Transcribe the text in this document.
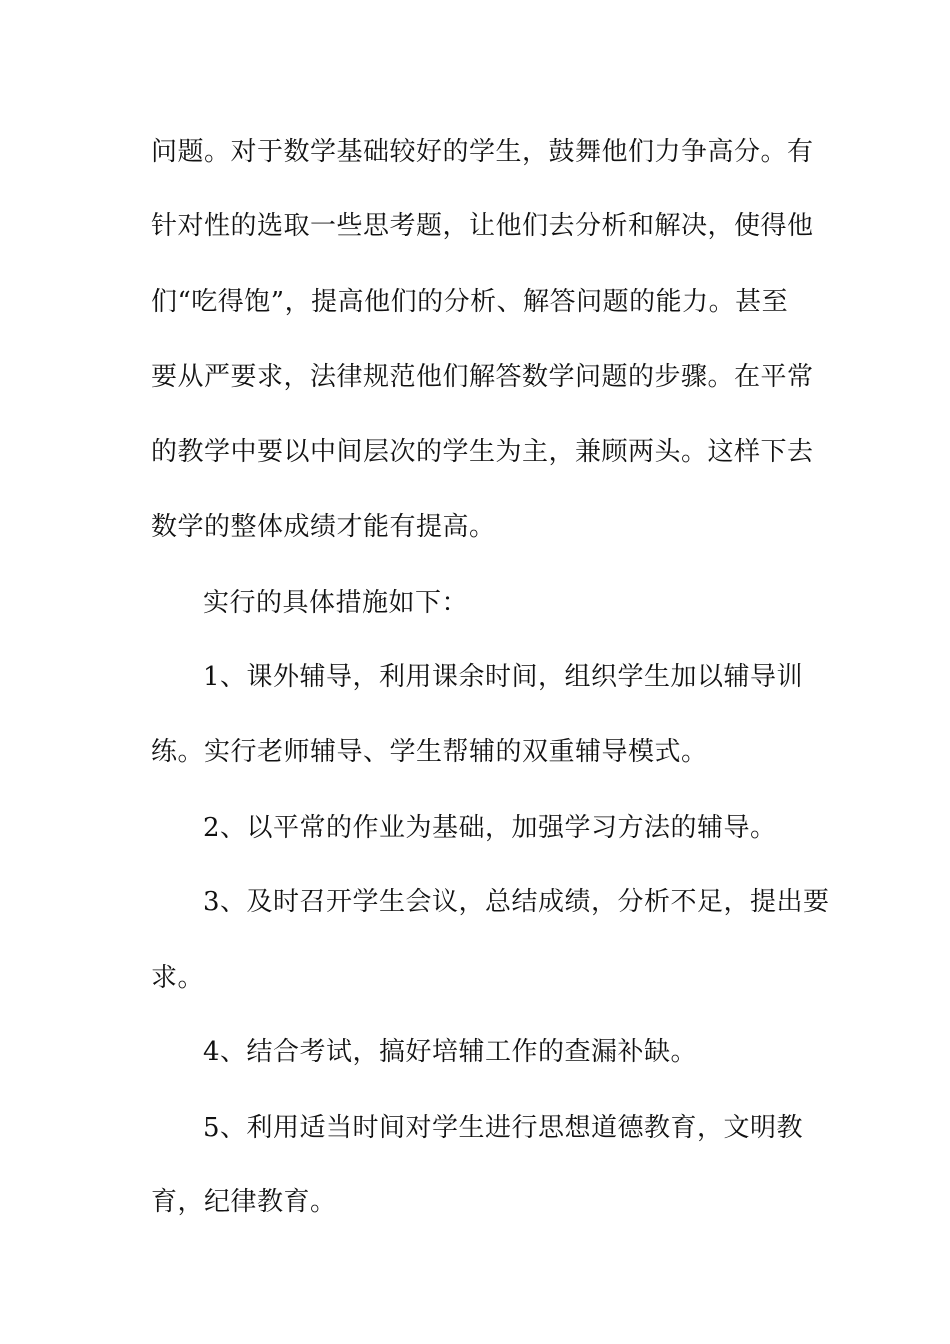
问题。对于数学基础较好的学生，鼓舞他们力争高分。有
针对性的选取一些思考题，让他们去分析和解决，使得他
们“吃得饱”，提高他们的分析、解答问题的能力。甚至
要从严要求，法律规范他们解答数学问题的步骤。在平常
的教学中要以中间层次的学生为主，兼顾两头。这样下去
数学的整体成绩才能有提高。
实行的具体措施如下：
1、课外辅导，利用课余时间，组织学生加以辅导训
练。实行老师辅导、学生帮辅的双重辅导模式。
2、以平常的作业为基础，加强学习方法的辅导。
3、及时召开学生会议，总结成绩，分析不足，提出要
求。
4、结合考试，搞好培辅工作的查漏补缺。
5、利用适当时间对学生进行思想道德教育，文明教
育，纪律教育。
